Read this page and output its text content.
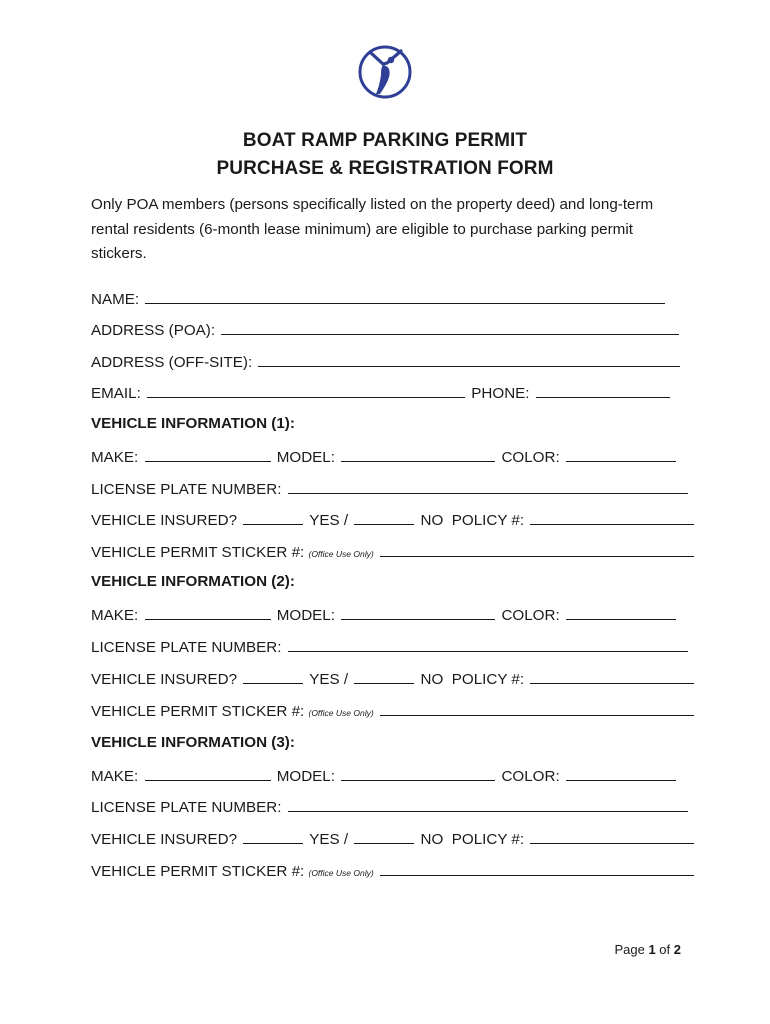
BOAT RAMP PARKING PERMIT
PURCHASE & REGISTRATION FORM
Only POA members (persons specifically listed on the property deed) and long-term rental residents (6-month lease minimum) are eligible to purchase parking permit stickers.
NAME:
ADDRESS (POA):
ADDRESS (OFF-SITE):
EMAIL:	PHONE:
VEHICLE INFORMATION (1):
MAKE:	MODEL:	COLOR:
LICENSE PLATE NUMBER:
VEHICLE INSURED?	YES /	NO POLICY #:
VEHICLE PERMIT STICKER #: (Office Use Only)
VEHICLE INFORMATION (2):
MAKE:	MODEL:	COLOR:
LICENSE PLATE NUMBER:
VEHICLE INSURED?	YES /	NO POLICY #:
VEHICLE PERMIT STICKER #: (Office Use Only)
VEHICLE INFORMATION (3):
MAKE:	MODEL:	COLOR:
LICENSE PLATE NUMBER:
VEHICLE INSURED?	YES /	NO POLICY #:
VEHICLE PERMIT STICKER #: (Office Use Only)
Page 1 of 2
